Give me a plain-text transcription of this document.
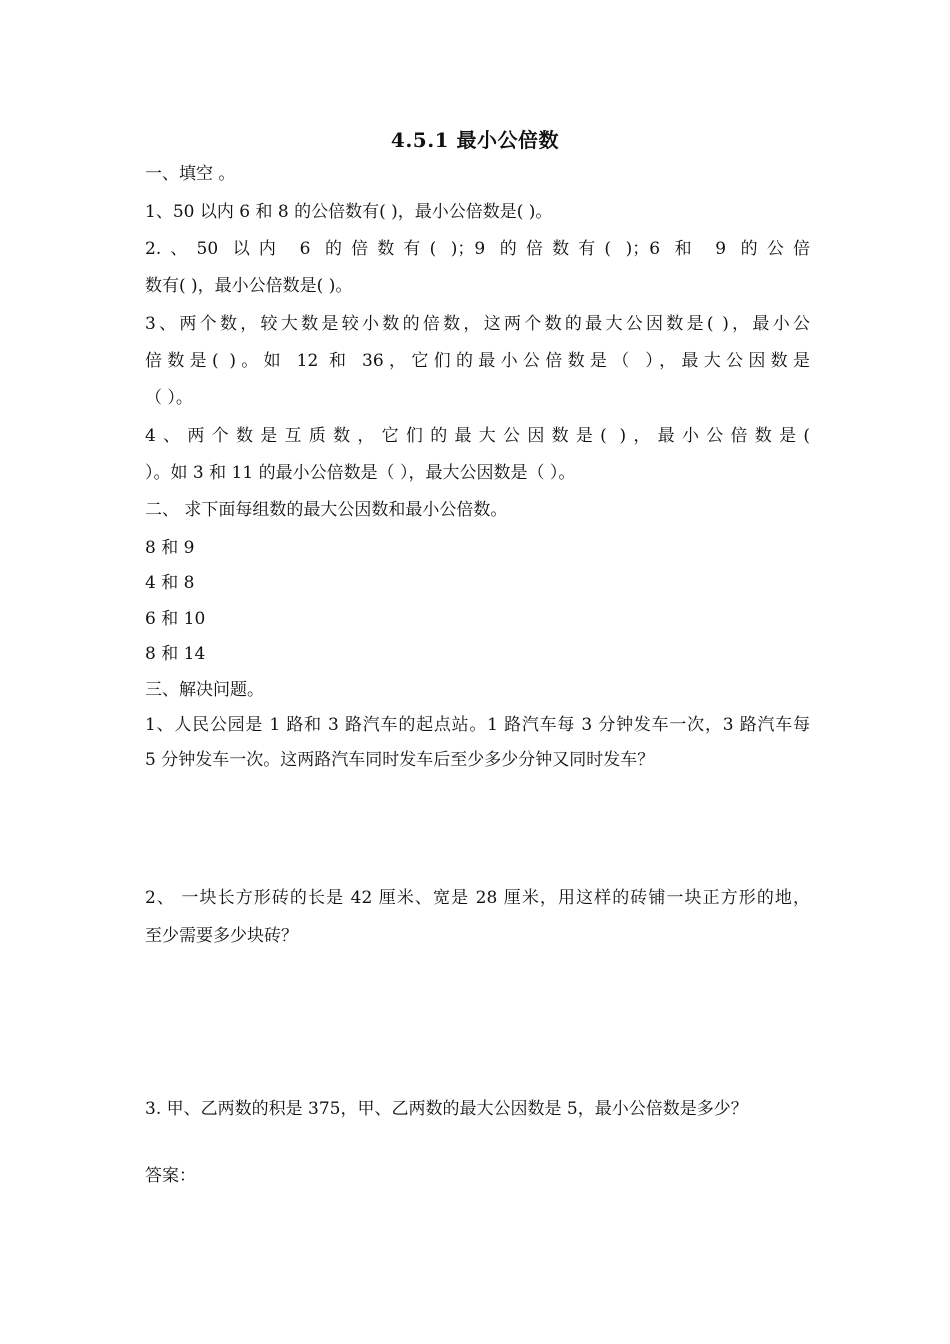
4.5.1 最小公倍数
一、填空 。
1、50 以内 6 和 8 的公倍数有( )，最小公倍数是( )。
2.、50 以内 6 的倍数有( )；9 的倍数有( )；6 和 9 的公倍
数有( )，最小公倍数是( )。
3、两个数，较大数是较小数的倍数，这两个数的最大公因数是( )，最小公
倍数是( )。如 12 和 36，它们的最小公倍数是（ ），最大公因数是
（ ）。
4、两个数是互质数，它们的最大公因数是( )，最小公倍数是(
）。如 3 和 11 的最小公倍数是（ ），最大公因数是（ ）。
二、 求下面每组数的最大公因数和最小公倍数。
8 和 9
4 和 8
6 和 10
8 和 14
三、解决问题。
1、人民公园是 1 路和 3 路汽车的起点站。1 路汽车每 3 分钟发车一次，3 路汽车每
5 分钟发车一次。这两路汽车同时发车后至少多少分钟又同时发车？
2、 一块长方形砖的长是 42 厘米、宽是 28 厘米，用这样的砖铺一块正方形的地，
至少需要多少块砖？
3. 甲、乙两数的积是 375，甲、乙两数的最大公因数是 5，最小公倍数是多少？
答案：
